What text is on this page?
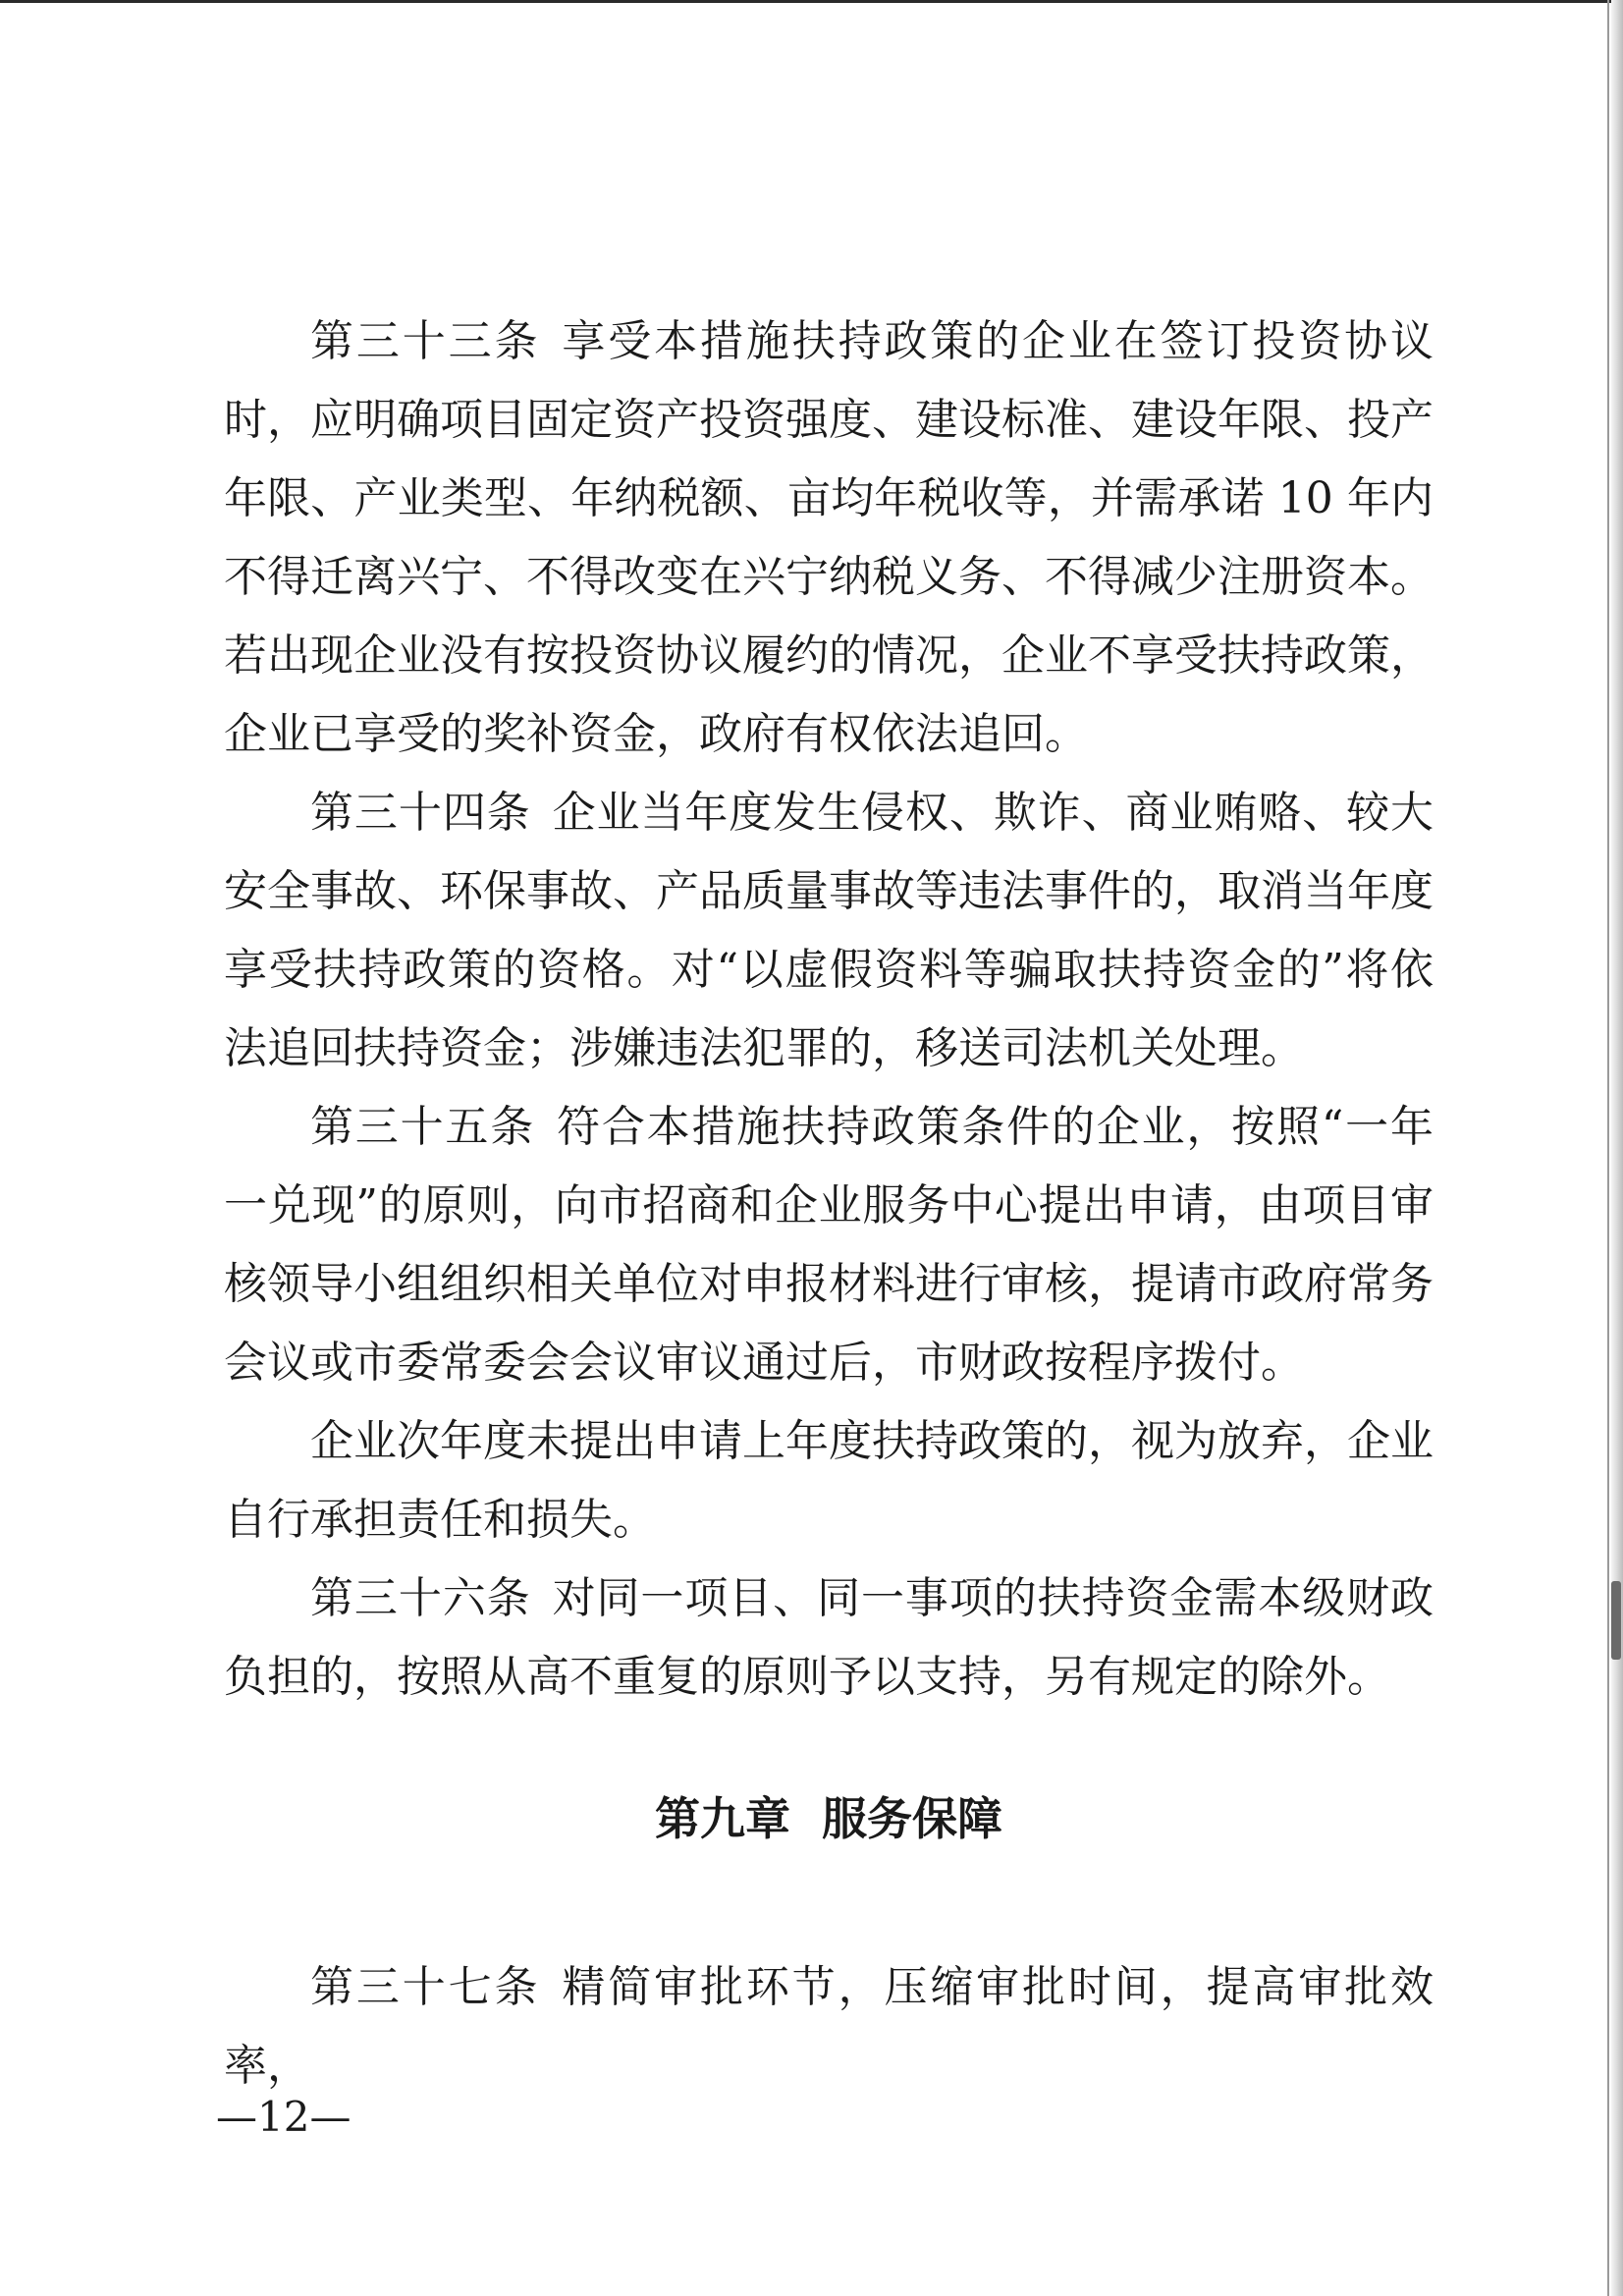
第三十三条 享受本措施扶持政策的企业在签订投资协议时，应明确项目固定资产投资强度、建设标准、建设年限、投产年限、产业类型、年纳税额、亩均年税收等，并需承诺 10 年内不得迁离兴宁、不得改变在兴宁纳税义务、不得减少注册资本。若出现企业没有按投资协议履约的情况，企业不享受扶持政策，企业已享受的奖补资金，政府有权依法追回。

第三十四条 企业当年度发生侵权、欺诈、商业贿赂、较大安全事故、环保事故、产品质量事故等违法事件的，取消当年度享受扶持政策的资格。对“以虚假资料等骗取扶持资金的”将依法追回扶持资金；涉嫌违法犯罪的，移送司法机关处理。

第三十五条 符合本措施扶持政策条件的企业，按照“一年一兑现”的原则，向市招商和企业服务中心提出申请，由项目审核领导小组组织相关单位对申报材料进行审核，提请市政府常务会议或市委常委会会议审议通过后，市财政按程序拨付。

企业次年度未提出申请上年度扶持政策的，视为放弃，企业自行承担责任和损失。

第三十六条 对同一项目、同一事项的扶持资金需本级财政负担的，按照从高不重复的原则予以支持，另有规定的除外。

第九章  服务保障

第三十七条 精简审批环节，压缩审批时间，提高审批效率，

—12—
